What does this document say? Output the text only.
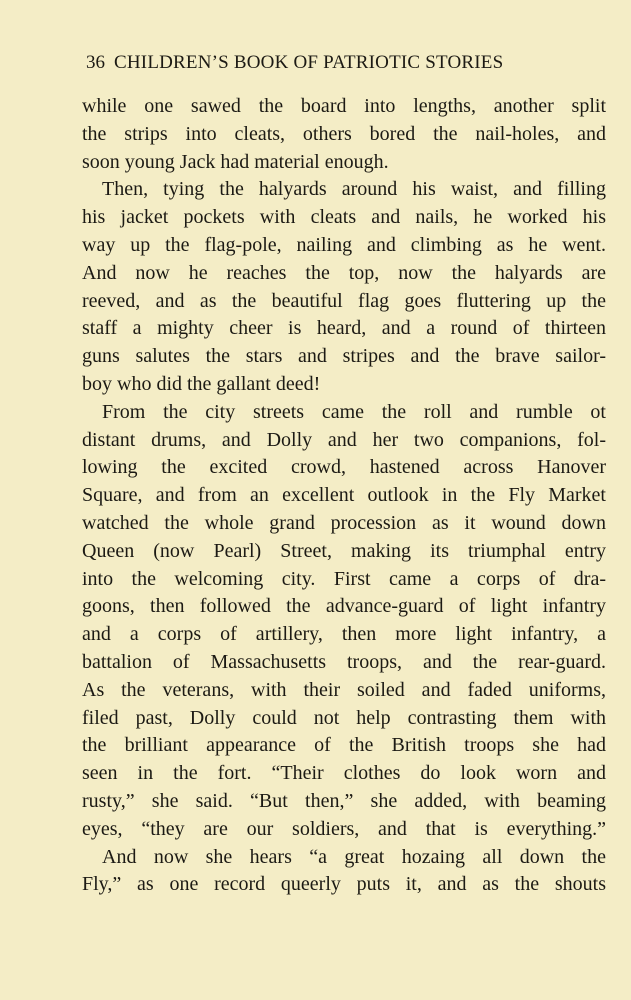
36 CHILDREN’S BOOK OF PATRIOTIC STORIES
while one sawed the board into lengths, another split
the strips into cleats, others bored the nail-holes, and
soon young Jack had material enough.
Then, tying the halyards around his waist, and filling
his jacket pockets with cleats and nails, he worked his
way up the flag-pole, nailing and climbing as he went.
And now he reaches the top, now the halyards are
reeved, and as the beautiful flag goes fluttering up the
staff a mighty cheer is heard, and a round of thirteen
guns salutes the stars and stripes and the brave sailor-
boy who did the gallant deed!
From the city streets came the roll and rumble ot
distant drums, and Dolly and her two companions, fol-
lowing the excited crowd, hastened across Hanover
Square, and from an excellent outlook in the Fly Market
watched the whole grand procession as it wound down
Queen (now Pearl) Street, making its triumphal entry
into the welcoming city. First came a corps of dra-
goons, then followed the advance-guard of light infantry
and a corps of artillery, then more light infantry, a
battalion of Massachusetts troops, and the rear-guard.
As the veterans, with their soiled and faded uniforms,
filed past, Dolly could not help contrasting them with
the brilliant appearance of the British troops she had
seen in the fort. “Their clothes do look worn and
rusty,” she said. “But then,” she added, with beaming
eyes, “they are our soldiers, and that is everything.”
And now she hears “a great hozaing all down the
Fly,” as one record queerly puts it, and as the shouts
